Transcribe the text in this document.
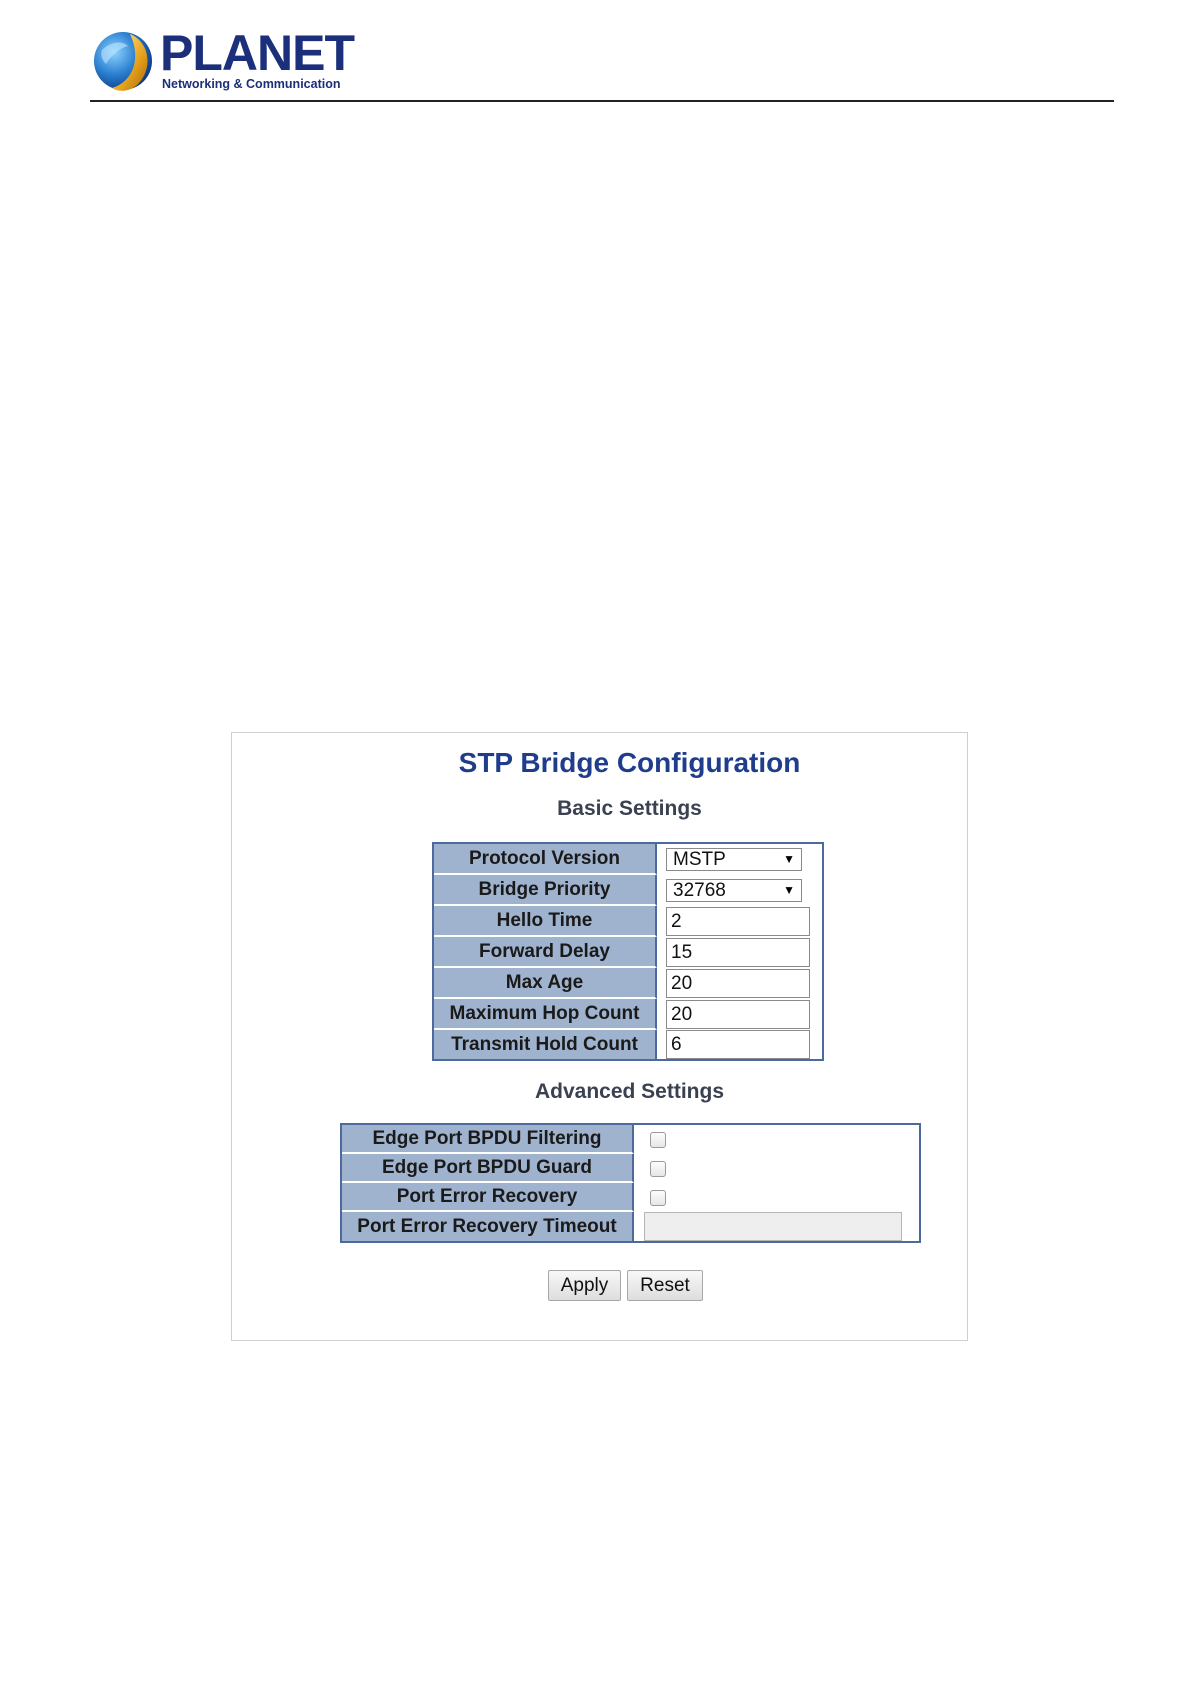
PLANET
Networking & Communication
STP Bridge Configuration
Basic Settings
Protocol Version	MSTP ▼

Bridge Priority	32768 ▼

Hello Time	2

Forward Delay	15

Max Age	20

Maximum Hop Count	20

Transmit Hold Count	6
Advanced Settings
Edge Port BPDU Filtering	

Edge Port BPDU Guard	

Port Error Recovery	

Port Error Recovery Timeout	
Apply	Reset
